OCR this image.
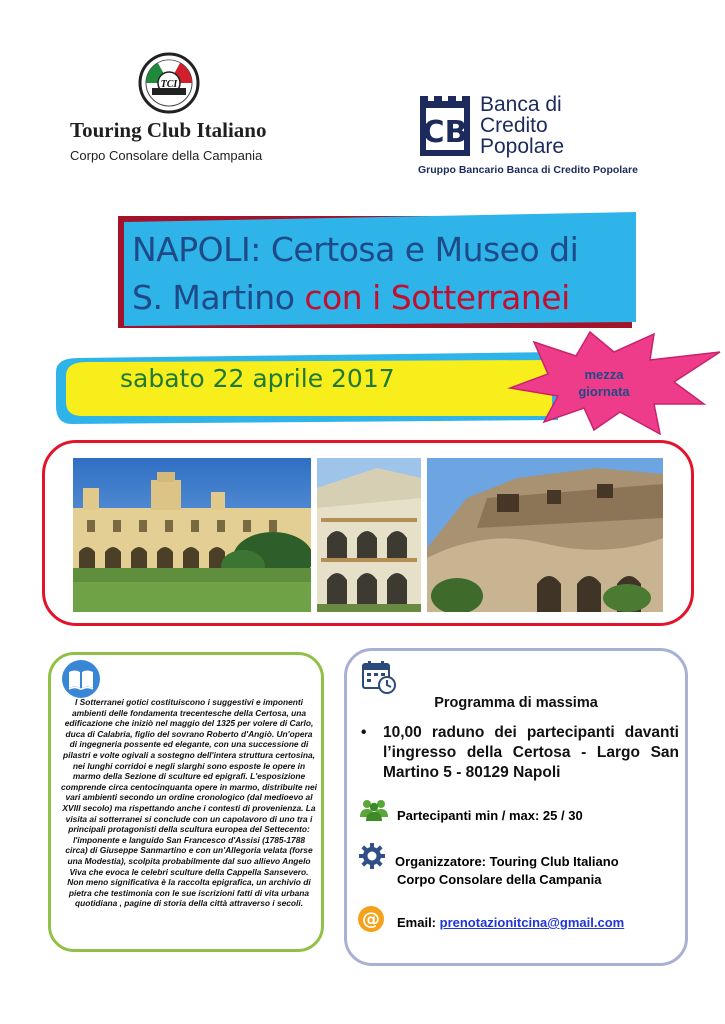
TCI
Touring Club Italiano
Corpo Consolare della Campania
CB
Banca di
Credito
Popolare
Gruppo Bancario Banca di Credito Popolare
NAPOLI: Certosa e Museo di
S. Martino con i Sotterranei
sabato 22 aprile 2017	mezza
giornata
I Sotterranei gotici costituiscono i suggestivi e imponenti ambienti delle fondamenta trecentesche della Certosa, una edificazione che iniziò nel maggio del 1325 per volere di Carlo, duca di Calabria, figlio del sovrano Roberto d'Angiò. Un'opera di ingegneria possente ed elegante, con una successione di pilastri e volte ogivali a sostegno dell'intera struttura certosina, nei lunghi corridoi e negli slarghi sono esposte le opere in marmo della Sezione di sculture ed epigrafi. L'esposizione comprende circa centocinquanta opere in marmo, distribuite nei vari ambienti secondo un ordine cronologico (dal medioevo al XVIII secolo) ma rispettando anche i contesti di provenienza. La visita ai sotterranei si conclude con un capolavoro di uno tra i principali protagonisti della scultura europea del Settecento: l'imponente e languido San Francesco d'Assisi (1785-1788 circa) di Giuseppe Sanmartino e con un'Allegoria velata (forse una Modestia), scolpita probabilmente dal suo allievo Angelo Viva che evoca le celebri sculture della Cappella Sansevero. Non meno significativa è la raccolta epigrafica, un archivio di pietra che testimonia con le sue iscrizioni fatti di vita urbana quotidiana , pagine di storia della città attraverso i secoli.
Programma di massima
• 10,00 raduno dei partecipanti davanti l’ingresso della Certosa - Largo San Martino 5 - 80129 Napoli
Partecipanti min / max: 25 / 30
Organizzatore: Touring Club Italiano
Corpo Consolare della Campania
@ Email: prenotazionitcina@gmail.com
